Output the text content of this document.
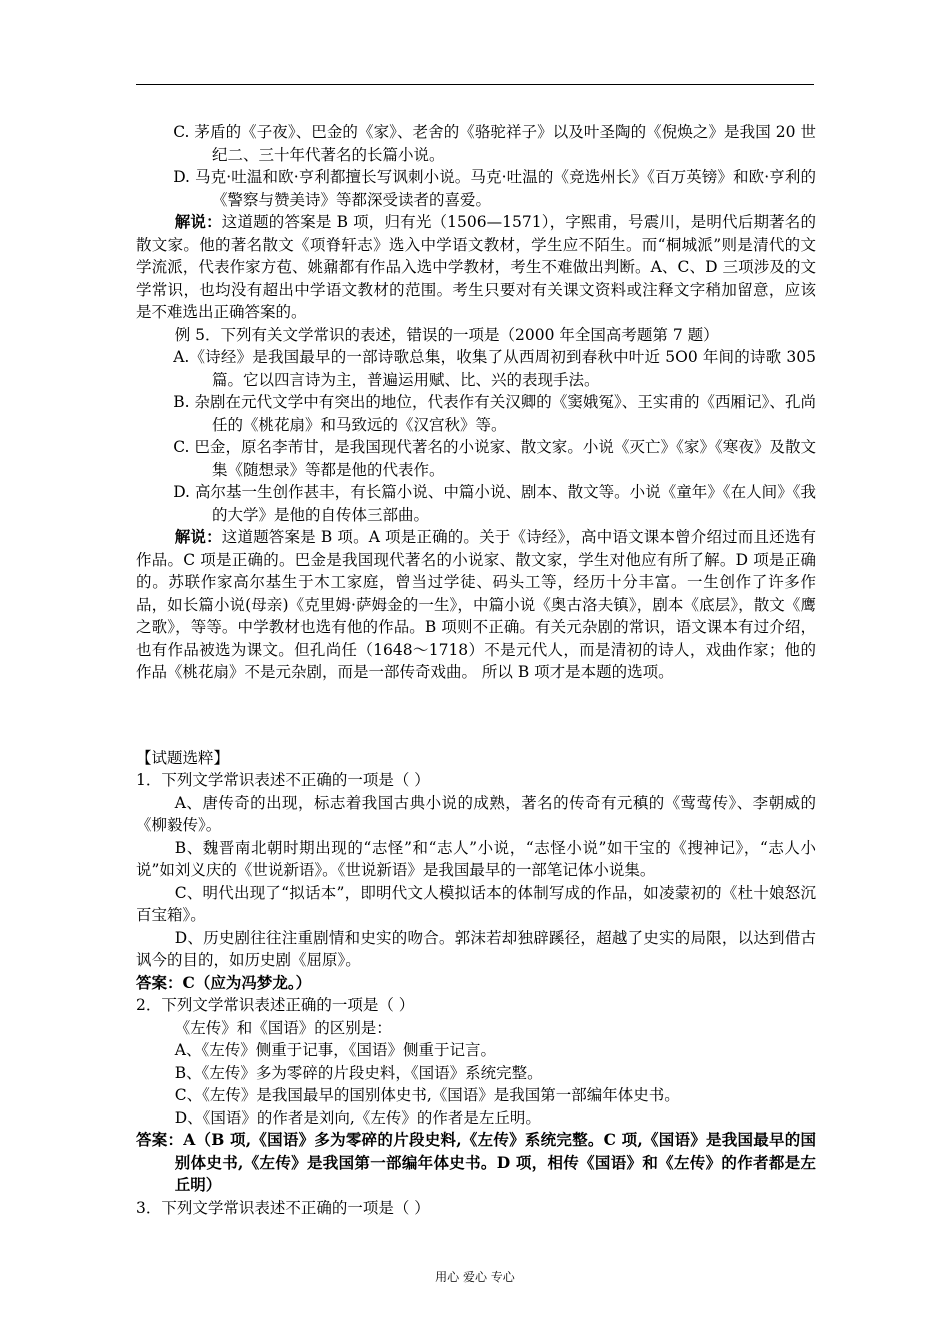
C. 茅盾的《子夜》、巴金的《家》、老舍的《骆驼祥子》以及叶圣陶的《倪焕之》是我国 20 世纪二、三十年代著名的长篇小说。

D. 马克·吐温和欧·亨利都擅长写讽刺小说。马克·吐温的《竞选州长》《百万英镑》和欧·亨利的《警察与赞美诗》等都深受读者的喜爱。

解说：这道题的答案是 B 项，归有光（1506—1571），字熙甫，号震川，是明代后期著名的散文家。他的著名散文《项脊轩志》选入中学语文教材，学生应不陌生。而“桐城派”则是清代的文学流派，代表作家方苞、姚鼐都有作品入选中学教材，考生不难做出判断。A、C、D 三项涉及的文学常识，也均没有超出中学语文教材的范围。考生只要对有关课文资料或注释文字稍加留意，应该是不难选出正确答案的。

例 5．下列有关文学常识的表述，错误的一项是（2000 年全国高考题第 7 题）

A.《诗经》是我国最早的一部诗歌总集，收集了从西周初到春秋中叶近 5O0 年间的诗歌 305 篇。它以四言诗为主，普遍运用赋、比、兴的表现手法。

B. 杂剧在元代文学中有突出的地位，代表作有关汉卿的《窦娥冤》、王实甫的《西厢记》、孔尚任的《桃花扇》和马致远的《汉宫秋》等。

C. 巴金，原名李芾甘，是我国现代著名的小说家、散文家。小说《灭亡》《家》《寒夜》及散文集《随想录》等都是他的代表作。

D. 高尔基一生创作甚丰，有长篇小说、中篇小说、剧本、散文等。小说《童年》《在人间》《我的大学》是他的自传体三部曲。

解说：这道题答案是 B 项。A 项是正确的。关于《诗经》，高中语文课本曾介绍过而且还选有作品。C 项是正确的。巴金是我国现代著名的小说家、散文家，学生对他应有所了解。D 项是正确的。苏联作家高尔基生于木工家庭，曾当过学徒、码头工等，经历十分丰富。一生创作了许多作品，如长篇小说(母亲)《克里姆·萨姆金的一生》，中篇小说《奥古洛夫镇》，剧本《底层》，散文《鹰之歌》，等等。中学教材也选有他的作品。B 项则不正确。有关元杂剧的常识，语文课本有过介绍，也有作品被选为课文。但孔尚任（1648～1718）不是元代人，而是清初的诗人，戏曲作家；他的作品《桃花扇》不是元杂剧，而是一部传奇戏曲。 所以 B 项才是本题的选项。

【试题选粹】

1．下列文学常识表述不正确的一项是（ ）

A、唐传奇的出现，标志着我国古典小说的成熟，著名的传奇有元稹的《莺莺传》、李朝威的《柳毅传》。

B、魏晋南北朝时期出现的“志怪”和“志人”小说，“志怪小说”如干宝的《搜神记》，“志人小说”如刘义庆的《世说新语》。《世说新语》是我国最早的一部笔记体小说集。

C、明代出现了“拟话本”，即明代文人模拟话本的体制写成的作品，如凌蒙初的《杜十娘怒沉百宝箱》。

D、历史剧往往注重剧情和史实的吻合。郭沫若却独辟蹊径，超越了史实的局限，以达到借古讽今的目的，如历史剧《屈原》。

答案：C（应为冯梦龙。）

2．下列文学常识表述正确的一项是（ ）

《左传》和《国语》的区别是：

A、《左传》侧重于记事，《国语》侧重于记言。

B、《左传》多为零碎的片段史料，《国语》系统完整。

C、《左传》是我国最早的国别体史书,《国语》是我国第一部编年体史书。

D、《国语》的作者是刘向,《左传》的作者是左丘明。

答案：A（B 项,《国语》多为零碎的片段史料,《左传》系统完整。C 项,《国语》是我国最早的国别体史书,《左传》是我国第一部编年体史书。D 项，相传《国语》和《左传》的作者都是左丘明）

3．下列文学常识表述不正确的一项是（ ）

用心 爱心 专心
